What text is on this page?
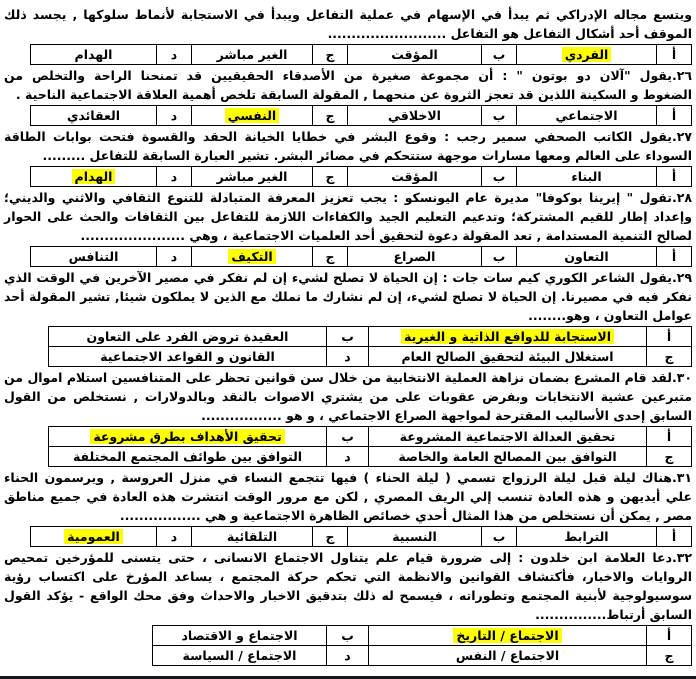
ويتسع مجاله الإدراكي ثم يبدأ في الإسهام في عملية التفاعل ويبدأ في الاستجابة لأنماط سلوكها , يجسد ذلك

الموقف أحد أشكال التفاعل هو التفاعل .........................

أ	الفردي	ب	المؤقت	ج	الغير مباشر	د	الهدام

٢٦.يقول "آلان دو بوتون " : أن مجموعة صغيرة من الأصدقاء الحقيقيين قد تمنحنا الراحة والتخلص من

الضغوط و السكينة اللذين قد تعجز الثروة عن منحهما , المقولة السابقة تلخص أهمية العلاقة الاجتماعية الناحية .

أ	الاجتماعي	ب	الاخلاقي	ج	النفسي	د	العقائدي

٢٧.يقول الكاتب الصحفي سمير رجب : وقوع البشر في خطايا الخيانة الحقد والقسوة فتحت بوابات الطاقة

السوداء على العالم ومعها مسارات موجهة ستتحكم في مصائر البشر. تشير العبارة السابقة للتفاعل .........

أ	البناء	ب	المؤقت	ج	الغير مباشر	د	الهدام

٢٨.تقول " إيرينا بوكوفا" مديرة عام اليونسكو : يجب تعزيز المعرفة المتبادلة للتنوع الثقافي والاثني والديني؛

وإعداد إطار للقيم المشتركة؛ وتدعيم التعليم الجيد والكفاءات اللازمة للتفاعل بين الثقافات والحث على الحوار

لصالح التنمية المستدامة , تعد المقولة دعوة لتحقيق أحد العلميات الاجتماعية ، وهي ......................

أ	التعاون	ب	الصراع	ج	التكيف	د	التنافس

٢٩.يقول الشاعر الكوري كيم سات جات : إن الحياة لا تصلح لشيء إن لم نفكر في مصير الآخرين في الوقت الذي

نفكر فيه في مصيرنا. إن الحياة لا تصلح لشيء، إن لم نشارك ما نملك مع الذين لا يملكون شيئا, تشير المقولة أحد

عوامل التعاون ، وهو........

أ	الاستجابة للدوافع الذاتية و الغيرية	ب	العقيدة تروض الفرد على التعاون
ج	استغلال البيئة لتحقيق الصالح العام	د	القانون و القواعد الاجتماعية

٣٠.لقد قام المشرع بضمان نزاهة العملية الانتخابية من خلال سن قوانين تحظر على المتنافسين استلام اموال من

متبرعين عشية الانتخابات وبفرض عقوبات على من يشتري الاصوات بالنقد وبالدولارات , نستخلص من القول

السابق إحدى الأساليب المقترحة لمواجهة الصراع الاجتماعي ، و هو .................

أ	تحقيق العدالة الاجتماعية المشروعة	ب	تحقيق الأهداف بطرق مشروعة
ج	التوافق بين المصالح العامة والخاصة	د	التوافق بين طوائف المجتمع المختلفة

٣١.هناك ليلة قبل ليلة الرزواج تسمي ( ليلة الحناء ) فيها تتجمع النساء في منزل العروسة , ويرسمون الحناء

علي أيديهن و هذه العادة تنسب إلي الريف المصري , لكن مع مرور الوقت انتشرت هذه العادة في جميع مناطق

مصر , يمكن أن نستخلص من هذا المثال أحدي خصائص الظاهرة الاجتماعية و هي .................

أ	الترابط	ب	النسبية	ج	التلقائية	د	العمومية

٣٢.دعا العلامة ابن خلدون : إلى ضرورة قيام علم يتناول الاجتماع الانسانى ، حتى يتسنى للمؤرخين تمحيص

الروايات والاخبار، فأكتشاف القوانين والانظمة التي تحكم حركة المجتمع ، يساعد المؤرخ على اكتساب رؤية

سوسيولوجية لأبنية المجتمع وتطوراته ، فيسمح له ذلك بتدقيق الاخبار والاحداث وفق محك الواقع - يؤكد القول

السابق أرتباط...............

أ	الاجتماع / التاريخ	ب	الاجتماع و الاقتصاد
ج	الاجتماع / النفس	د	الاجتماع / السياسة
